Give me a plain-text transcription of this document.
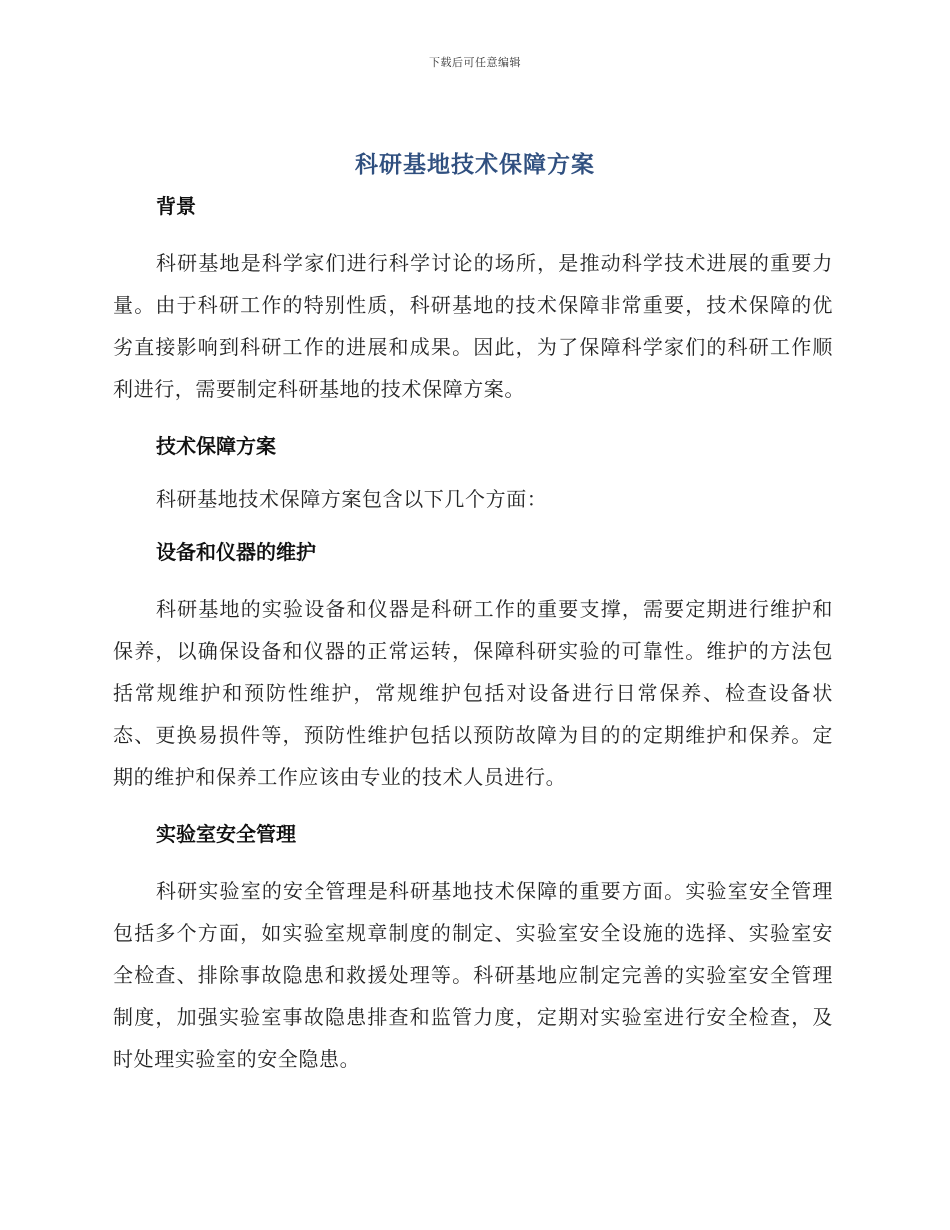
下载后可任意编辑
科研基地技术保障方案
背景

科研基地是科学家们进行科学讨论的场所，是推动科学技术进展的重要力量。由于科研工作的特别性质，科研基地的技术保障非常重要，技术保障的优劣直接影响到科研工作的进展和成果。因此，为了保障科学家们的科研工作顺利进行，需要制定科研基地的技术保障方案。

技术保障方案

科研基地技术保障方案包含以下几个方面：

设备和仪器的维护

科研基地的实验设备和仪器是科研工作的重要支撑，需要定期进行维护和保养，以确保设备和仪器的正常运转，保障科研实验的可靠性。维护的方法包括常规维护和预防性维护，常规维护包括对设备进行日常保养、检查设备状态、更换易损件等，预防性维护包括以预防故障为目的的定期维护和保养。定期的维护和保养工作应该由专业的技术人员进行。

实验室安全管理

科研实验室的安全管理是科研基地技术保障的重要方面。实验室安全管理包括多个方面，如实验室规章制度的制定、实验室安全设施的选择、实验室安全检查、排除事故隐患和救援处理等。科研基地应制定完善的实验室安全管理制度，加强实验室事故隐患排查和监管力度，定期对实验室进行安全检查，及时处理实验室的安全隐患。
